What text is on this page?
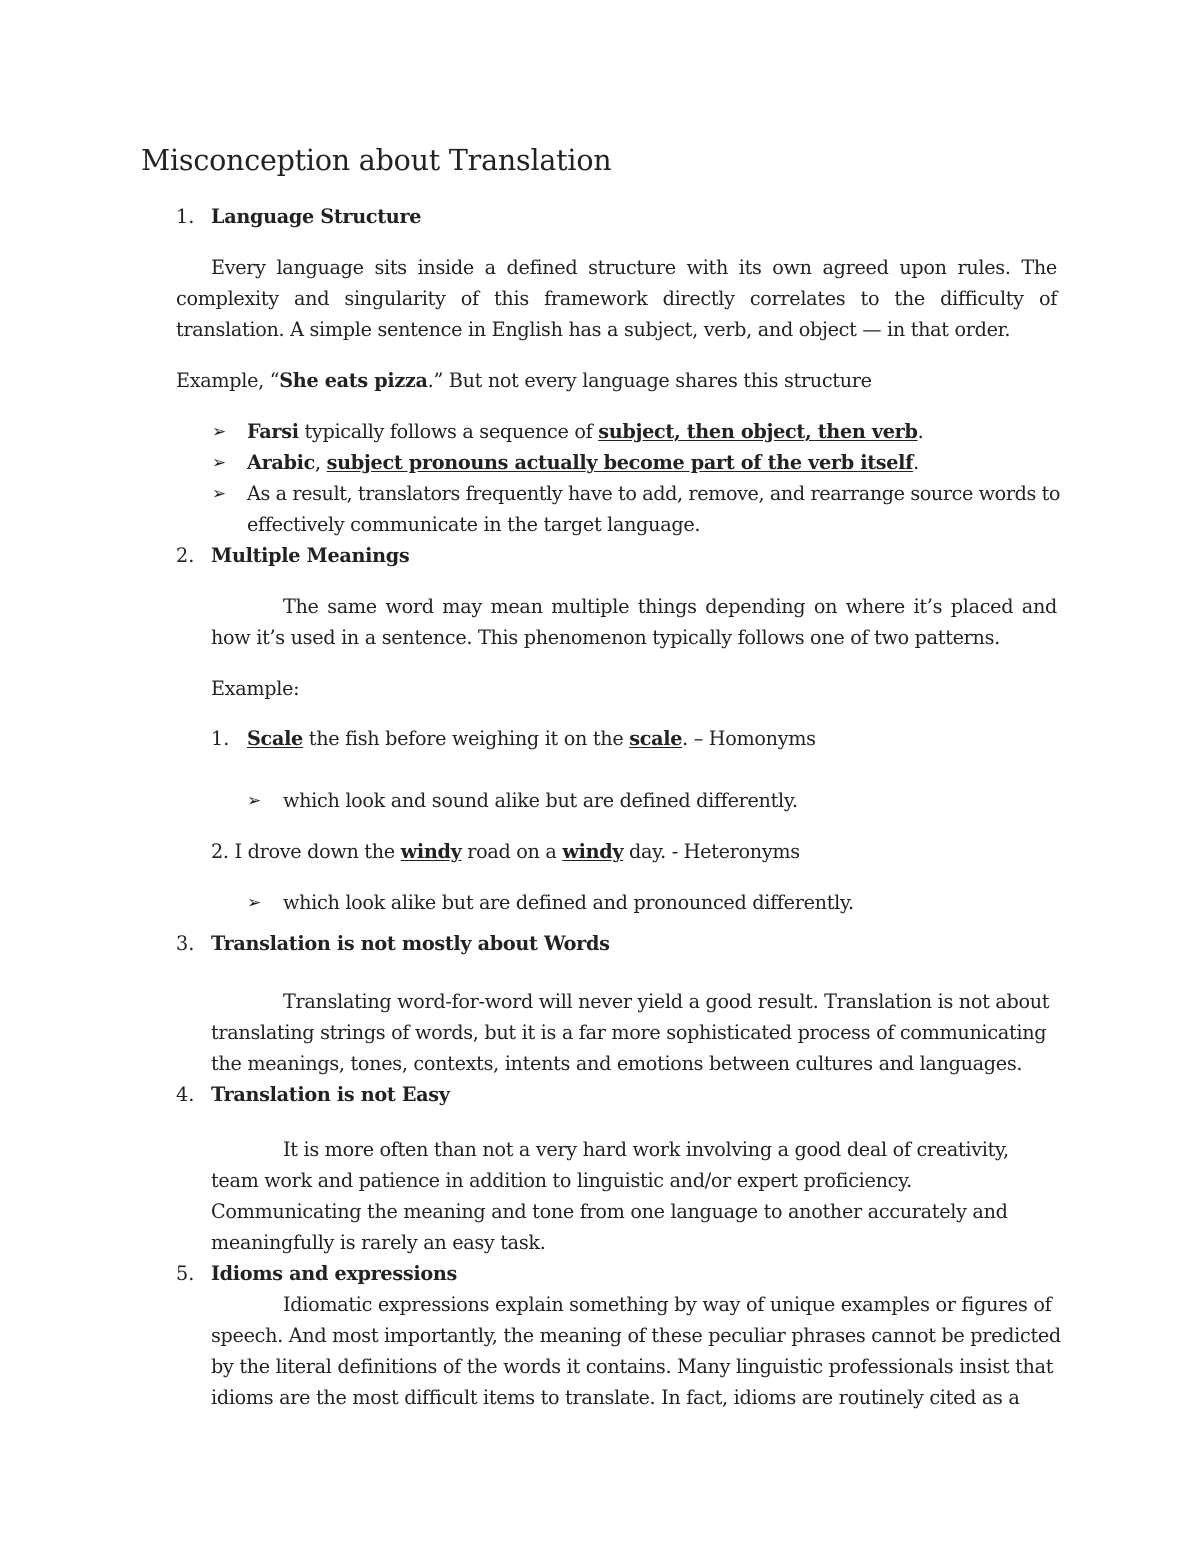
Misconception about Translation
1. Language Structure
Every language sits inside a defined structure with its own agreed upon rules. The
complexity and singularity of this framework directly correlates to the difficulty of
translation. A simple sentence in English has a subject, verb, and object — in that order.
Example, “She eats pizza.” But not every language shares this structure
➢ Farsi typically follows a sequence of subject, then object, then verb.
➢ Arabic, subject pronouns actually become part of the verb itself.
➢ As a result, translators frequently have to add, remove, and rearrange source words to
effectively communicate in the target language.
2. Multiple Meanings
The same word may mean multiple things depending on where it’s placed and
how it’s used in a sentence. This phenomenon typically follows one of two patterns.
Example:
1. Scale the fish before weighing it on the scale. – Homonyms
➢ which look and sound alike but are defined differently.
2. I drove down the windy road on a windy day. - Heteronyms
➢ which look alike but are defined and pronounced differently.
3. Translation is not mostly about Words
Translating word-for-word will never yield a good result. Translation is not about
translating strings of words, but it is a far more sophisticated process of communicating
the meanings, tones, contexts, intents and emotions between cultures and languages.
4. Translation is not Easy
It is more often than not a very hard work involving a good deal of creativity,
team work and patience in addition to linguistic and/or expert proficiency.
Communicating the meaning and tone from one language to another accurately and
meaningfully is rarely an easy task.
5. Idioms and expressions
Idiomatic expressions explain something by way of unique examples or figures of
speech. And most importantly, the meaning of these peculiar phrases cannot be predicted
by the literal definitions of the words it contains. Many linguistic professionals insist that
idioms are the most difficult items to translate. In fact, idioms are routinely cited as a
